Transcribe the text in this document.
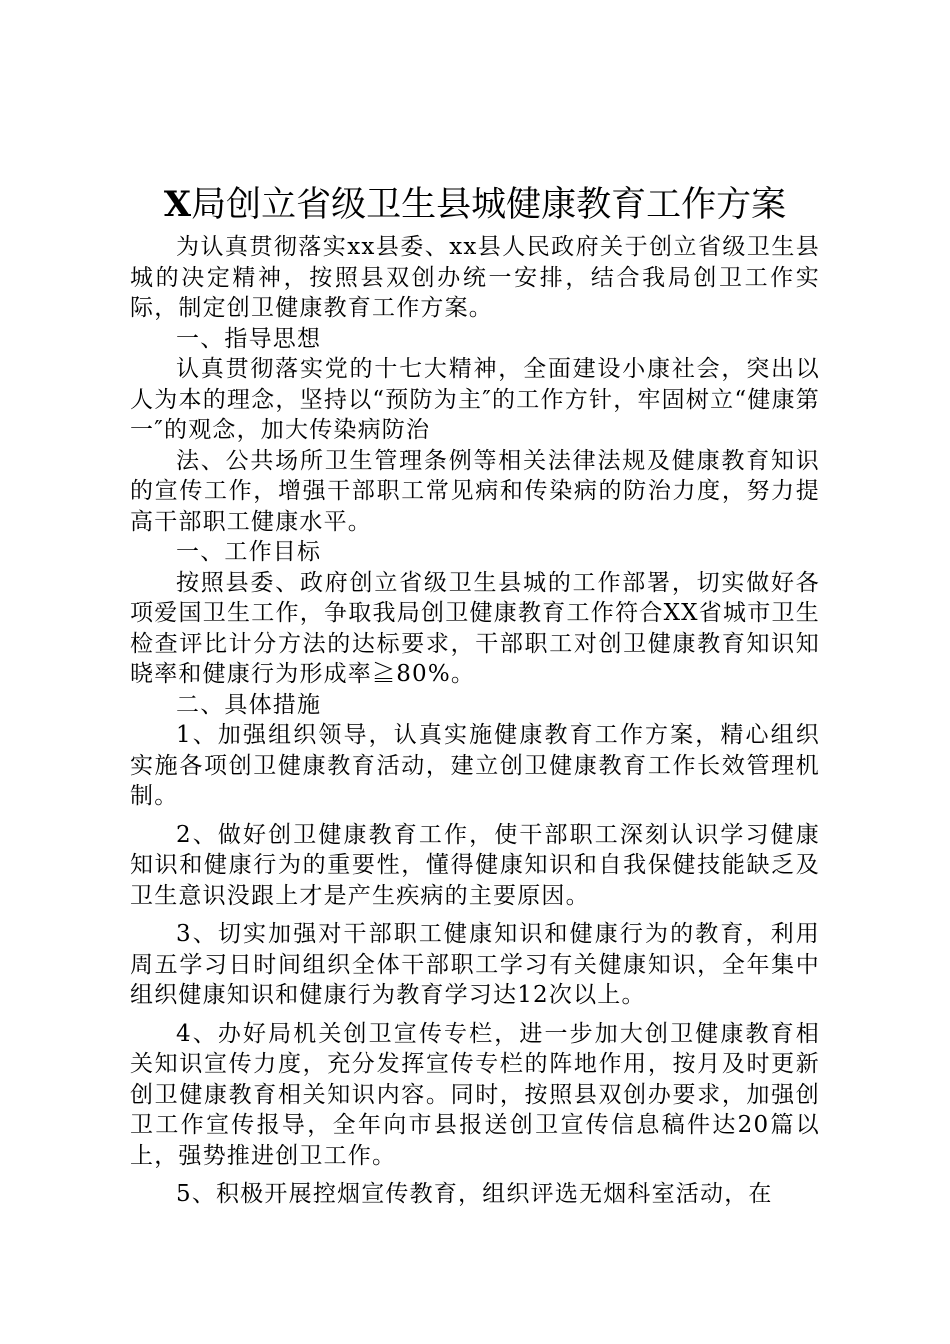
X局创立省级卫生县城健康教育工作方案

为认真贯彻落实xx县委、xx县人民政府关于创立省级卫生县城的决定精神，按照县双创办统一安排，结合我局创卫工作实际，制定创卫健康教育工作方案。

一、指导思想

认真贯彻落实党的十七大精神，全面建设小康社会，突出以人为本的理念，坚持以“预防为主″的工作方针，牢固树立“健康第一″的观念，加大传染病防治

法、公共场所卫生管理条例等相关法律法规及健康教育知识的宣传工作，增强干部职工常见病和传染病的防治力度，努力提高干部职工健康水平。

一、工作目标

按照县委、政府创立省级卫生县城的工作部署，切实做好各项爱国卫生工作，争取我局创卫健康教育工作符合XX省城市卫生检查评比计分方法的达标要求，干部职工对创卫健康教育知识知晓率和健康行为形成率≧80%。

二、具体措施

1、加强组织领导，认真实施健康教育工作方案，精心组织实施各项创卫健康教育活动，建立创卫健康教育工作长效管理机制。

2、做好创卫健康教育工作，使干部职工深刻认识学习健康知识和健康行为的重要性，懂得健康知识和自我保健技能缺乏及卫生意识没跟上才是产生疾病的主要原因。

3、切实加强对干部职工健康知识和健康行为的教育，利用周五学习日时间组织全体干部职工学习有关健康知识，全年集中组织健康知识和健康行为教育学习达12次以上。

4、办好局机关创卫宣传专栏，进一步加大创卫健康教育相关知识宣传力度，充分发挥宣传专栏的阵地作用，按月及时更新创卫健康教育相关知识内容。同时，按照县双创办要求，加强创卫工作宣传报导，全年向市县报送创卫宣传信息稿件达20篇以上，强势推进创卫工作。

5、积极开展控烟宣传教育，组织评选无烟科室活动，在
